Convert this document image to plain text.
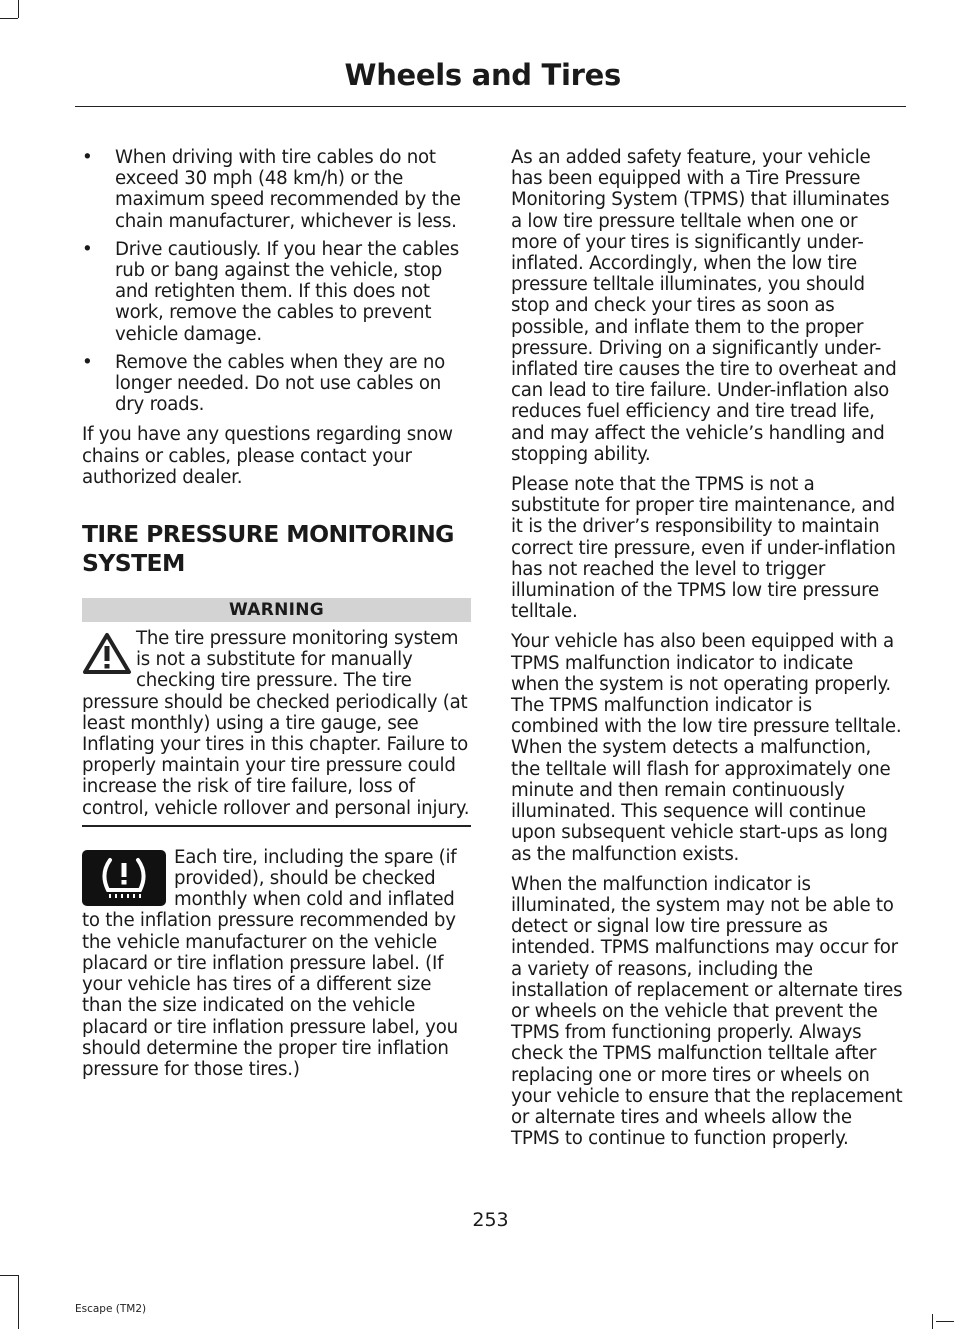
Wheels and Tires
• When driving with tire cables do not exceed 30 mph (48 km/h) or the maximum speed recommended by the chain manufacturer, whichever is less.
• Drive cautiously. If you hear the cables rub or bang against the vehicle, stop and retighten them. If this does not work, remove the cables to prevent vehicle damage.
• Remove the cables when they are no longer needed. Do not use cables on dry roads.

If you have any questions regarding snow chains or cables, please contact your authorized dealer.

TIRE PRESSURE MONITORING SYSTEM
WARNING
The tire pressure monitoring system is not a substitute for manually checking tire pressure. The tire pressure should be checked periodically (at least monthly) using a tire gauge, see Inflating your tires in this chapter. Failure to properly maintain your tire pressure could increase the risk of tire failure, loss of control, vehicle rollover and personal injury.
Each tire, including the spare (if provided), should be checked monthly when cold and inflated to the inflation pressure recommended by the vehicle manufacturer on the vehicle placard or tire inflation pressure label. (If your vehicle has tires of a different size than the size indicated on the vehicle placard or tire inflation pressure label, you should determine the proper tire inflation pressure for those tires.)

As an added safety feature, your vehicle has been equipped with a Tire Pressure Monitoring System (TPMS) that illuminates a low tire pressure telltale when one or more of your tires is significantly under-inflated. Accordingly, when the low tire pressure telltale illuminates, you should stop and check your tires as soon as possible, and inflate them to the proper pressure. Driving on a significantly under-inflated tire causes the tire to overheat and can lead to tire failure. Under-inflation also reduces fuel efficiency and tire tread life, and may affect the vehicle’s handling and stopping ability.

Please note that the TPMS is not a substitute for proper tire maintenance, and it is the driver’s responsibility to maintain correct tire pressure, even if under-inflation has not reached the level to trigger illumination of the TPMS low tire pressure telltale.

Your vehicle has also been equipped with a TPMS malfunction indicator to indicate when the system is not operating properly. The TPMS malfunction indicator is combined with the low tire pressure telltale. When the system detects a malfunction, the telltale will flash for approximately one minute and then remain continuously illuminated. This sequence will continue upon subsequent vehicle start-ups as long as the malfunction exists.

When the malfunction indicator is illuminated, the system may not be able to detect or signal low tire pressure as intended. TPMS malfunctions may occur for a variety of reasons, including the installation of replacement or alternate tires or wheels on the vehicle that prevent the TPMS from functioning properly. Always check the TPMS malfunction telltale after replacing one or more tires or wheels on your vehicle to ensure that the replacement or alternate tires and wheels allow the TPMS to continue to function properly.

253
Escape (TM2)
